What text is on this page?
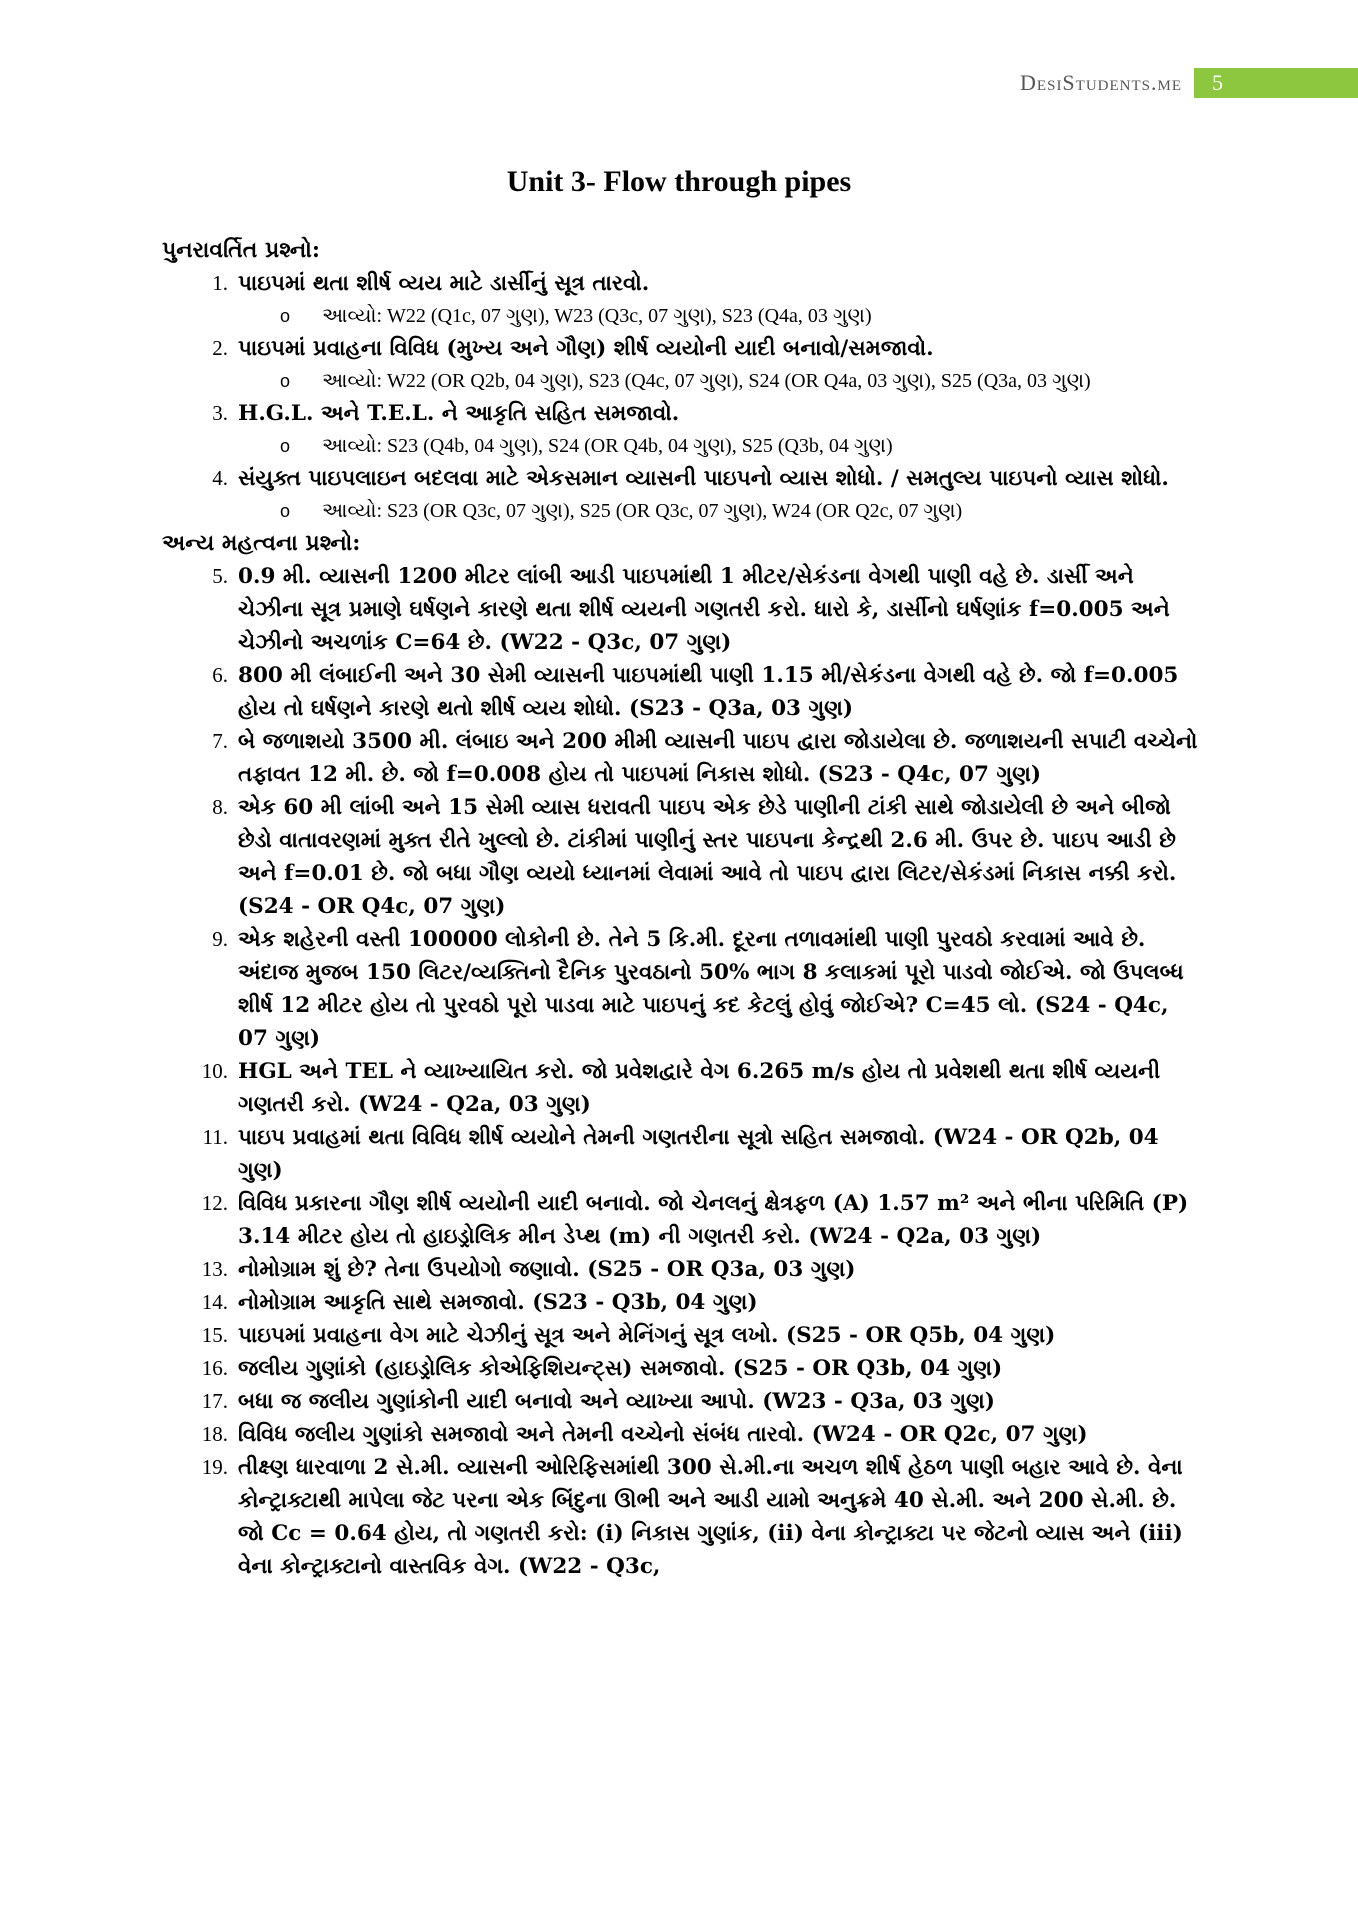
DesiStudents.me	5
Unit 3- Flow through pipes
પુનરાવર્તિત પ્રશ્નો:
1. પાઇપમાં થતા શીર્ષ વ્યય માટે ડાર્સીનું સૂત્ર તારવો.
o	આવ્યો: W22 (Q1c, 07 ગુણ), W23 (Q3c, 07 ગુણ), S23 (Q4a, 03 ગુણ)
2. પાઇપમાં પ્રવાહના વિવિધ (મુખ્ય અને ગૌણ) શીર્ષ વ્યયોની યાદી બનાવો/સમજાવો.
o	આવ્યો: W22 (OR Q2b, 04 ગુણ), S23 (Q4c, 07 ગુણ), S24 (OR Q4a, 03 ગુણ), S25 (Q3a, 03 ગુણ)
3. H.G.L. અને T.E.L. ને આકૃતિ સહિત સમજાવો.
o	આવ્યો: S23 (Q4b, 04 ગુણ), S24 (OR Q4b, 04 ગુણ), S25 (Q3b, 04 ગુણ)
4. સંયુક્ત પાઇપલાઇન બદલવા માટે એકસમાન વ્યાસની પાઇપનો વ્યાસ શોધો. / સમતુલ્ય પાઇપનો વ્યાસ શોધો.
o	આવ્યો: S23 (OR Q3c, 07 ગુણ), S25 (OR Q3c, 07 ગુણ), W24 (OR Q2c, 07 ગુણ)
અન્ય મહત્વના પ્રશ્નો:
5. 0.9 મી. વ્યાસની 1200 મીટર લાંબી આડી પાઇપમાંથી 1 મીટર/સેકંડના વેગથી પાણી વહે છે. ડાર્સી અને ચેઝીના સૂત્ર પ્રમાણે ઘર્ષણને કારણે થતા શીર્ષ વ્યયની ગણતરી કરો. ધારો કે, ડાર્સીનો ઘર્ષણાંક f=0.005 અને ચેઝીનો અચળાંક C=64 છે. (W22 - Q3c, 07 ગુણ)
6. 800 મી લંબાઈની અને 30 સેમી વ્યાસની પાઇપમાંથી પાણી 1.15 મી/સેકંડના વેગથી વહે છે. જો f=0.005 હોય તો ઘર્ષણને કારણે થતો શીર્ષ વ્યય શોધો. (S23 - Q3a, 03 ગુણ)
7. બે જળાશયો 3500 મી. લંબાઇ અને 200 મીમી વ્યાસની પાઇપ દ્વારા જોડાયેલા છે. જળાશયની સપાટી વચ્ચેનો તફાવત 12 મી. છે. જો f=0.008 હોય તો પાઇપમાં નિકાસ શોધો. (S23 - Q4c, 07 ગુણ)
8. એક 60 મી લાંબી અને 15 સેમી વ્યાસ ધરાવતી પાઇપ એક છેડે પાણીની ટાંકી સાથે જોડાયેલી છે અને બીજો છેડો વાતાવરણમાં મુક્ત રીતે ખુલ્લો છે. ટાંકીમાં પાણીનું સ્તર પાઇપના કેન્દ્રથી 2.6 મી. ઉપર છે. પાઇપ આડી છે અને f=0.01 છે. જો બધા ગૌણ વ્યયો ધ્યાનમાં લેવામાં આવે તો પાઇપ દ્વારા લિટર/સેકંડમાં નિકાસ નક્કી કરો. (S24 - OR Q4c, 07 ગુણ)
9. એક શહેરની વસ્તી 100000 લોકોની છે. તેને 5 કિ.મી. દૂરના તળાવમાંથી પાણી પુરવઠો કરવામાં આવે છે. અંદાજ મુજબ 150 લિટર/વ્યક્તિનો દૈનિક પુરવઠાનો 50% ભાગ 8 કલાકમાં પૂરો પાડવો જોઈએ. જો ઉપલબ્ધ શીર્ષ 12 મીટર હોય તો પુરવઠો પૂરો પાડવા માટે પાઇપનું કદ કેટલું હોવું જોઈએ? C=45 લો. (S24 - Q4c, 07 ગુણ)
10. HGL અને TEL ને વ્યાખ્યાયિત કરો. જો પ્રવેશદ્વારે વેગ 6.265 m/s હોય તો પ્રવેશથી થતા શીર્ષ વ્યયની ગણતરી કરો. (W24 - Q2a, 03 ગુણ)
11. પાઇપ પ્રવાહમાં થતા વિવિધ શીર્ષ વ્યયોને તેમની ગણતરીના સૂત્રો સહિત સમજાવો. (W24 - OR Q2b, 04 ગુણ)
12. વિવિધ પ્રકારના ગૌણ શીર્ષ વ્યયોની યાદી બનાવો. જો ચેનલનું ક્ષેત્રફળ (A) 1.57 m² અને ભીના પરિમિતિ (P) 3.14 મીટર હોય તો હાઇડ્રોલિક મીન ડેપ્થ (m) ની ગણતરી કરો. (W24 - Q2a, 03 ગુણ)
13. નોમોગ્રામ શું છે? તેના ઉપયોગો જણાવો. (S25 - OR Q3a, 03 ગુણ)
14. નોમોગ્રામ આકૃતિ સાથે સમજાવો. (S23 - Q3b, 04 ગુણ)
15. પાઇપમાં પ્રવાહના વેગ માટે ચેઝીનું સૂત્ર અને મેનિંગનું સૂત્ર લખો. (S25 - OR Q5b, 04 ગુણ)
16. જલીય ગુણાંકો (હાઇડ્રોલિક કોએફિશિયન્ટ્સ) સમજાવો. (S25 - OR Q3b, 04 ગુણ)
17. બધા જ જલીય ગુણાંકોની યાદી બનાવો અને વ્યાખ્યા આપો. (W23 - Q3a, 03 ગુણ)
18. વિવિધ જલીય ગુણાંકો સમજાવો અને તેમની વચ્ચેનો સંબંધ તારવો. (W24 - OR Q2c, 07 ગુણ)
19. તીક્ષ્ણ ધારવાળા 2 સે.મી. વ્યાસની ઓરિફિસમાંથી 300 સે.મી.ના અચળ શીર્ષ હેઠળ પાણી બહાર આવે છે. વેના કોન્ટ્રાક્ટાથી માપેલા જેટ પરના એક બિંદુના ઊભી અને આડી યામો અનુક્રમે 40 સે.મી. અને 200 સે.મી. છે. જો Cc = 0.64 હોય, તો ગણતરી કરો: (i) નિકાસ ગુણાંક, (ii) વેના કોન્ટ્રાક્ટા પર જેટનો વ્યાસ અને (iii) વેના કોન્ટ્રાક્ટાનો વાસ્તવિક વેગ. (W22 - Q3c,
